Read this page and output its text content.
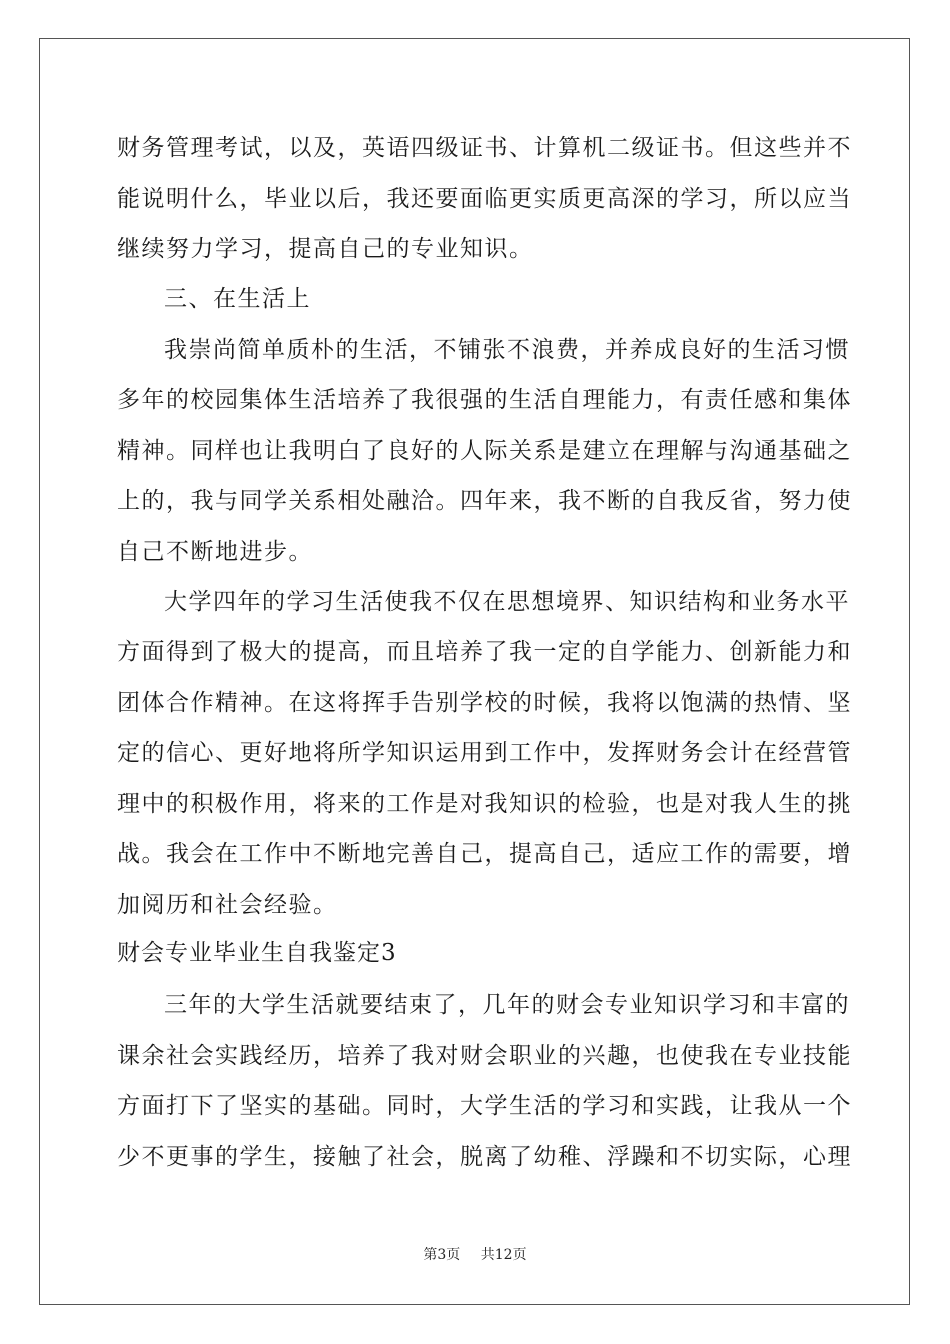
财务管理考试，以及，英语四级证书、计算机二级证书。但这些并不
能说明什么，毕业以后，我还要面临更实质更高深的学习，所以应当
继续努力学习，提高自己的专业知识。
三、在生活上
我崇尚简单质朴的生活，不铺张不浪费，并养成良好的生活习惯
多年的校园集体生活培养了我很强的生活自理能力，有责任感和集体
精神。同样也让我明白了良好的人际关系是建立在理解与沟通基础之
上的，我与同学关系相处融洽。四年来，我不断的自我反省，努力使
自己不断地进步。
大学四年的学习生活使我不仅在思想境界、知识结构和业务水平
方面得到了极大的提高，而且培养了我一定的自学能力、创新能力和
团体合作精神。在这将挥手告别学校的时候，我将以饱满的热情、坚
定的信心、更好地将所学知识运用到工作中，发挥财务会计在经营管
理中的积极作用，将来的工作是对我知识的检验，也是对我人生的挑
战。我会在工作中不断地完善自己，提高自己，适应工作的需要，增
加阅历和社会经验。
财会专业毕业生自我鉴定3
三年的大学生活就要结束了，几年的财会专业知识学习和丰富的
课余社会实践经历，培养了我对财会职业的兴趣，也使我在专业技能
方面打下了坚实的基础。同时，大学生活的学习和实践，让我从一个
少不更事的学生，接触了社会，脱离了幼稚、浮躁和不切实际，心理
第3页 共12页
